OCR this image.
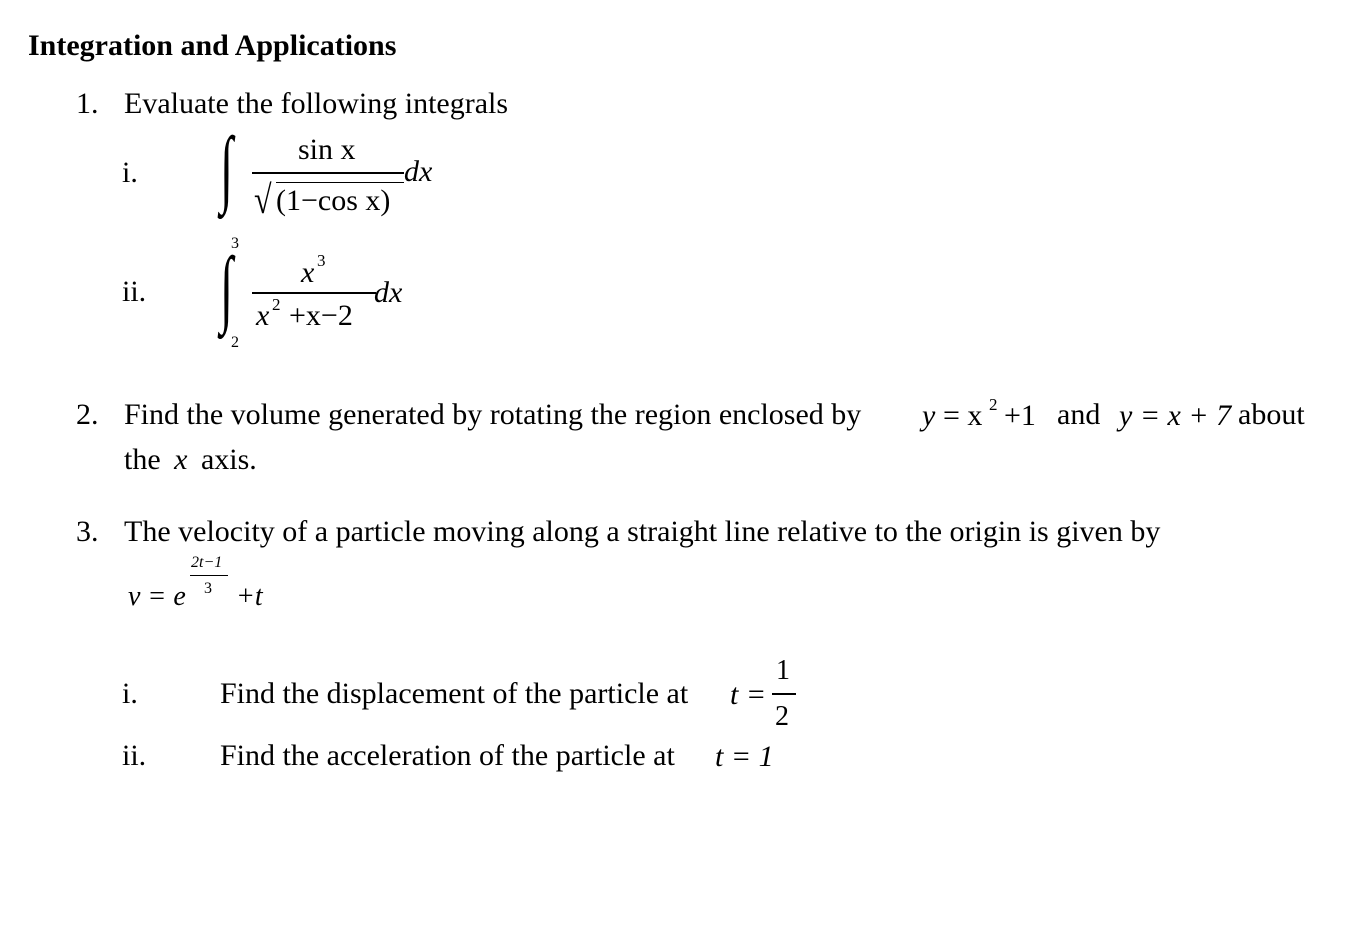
Integration and Applications
1. Evaluate the following integrals
i. ∫ sin x
√ (1−cos x)
dx
ii.
3
∫
2
x 3
x 2 +x−2
dx
2. Find the volume generated by rotating the region enclosed by y = x 2 +1 and y = x + 7 about
the x axis.
3. The velocity of a particle moving along a straight line relative to the origin is given by
v = e
2t−1
3 +t
i.	Find the displacement of the particle at t =
1
2
ii. Find the acceleration of the particle at t = 1
